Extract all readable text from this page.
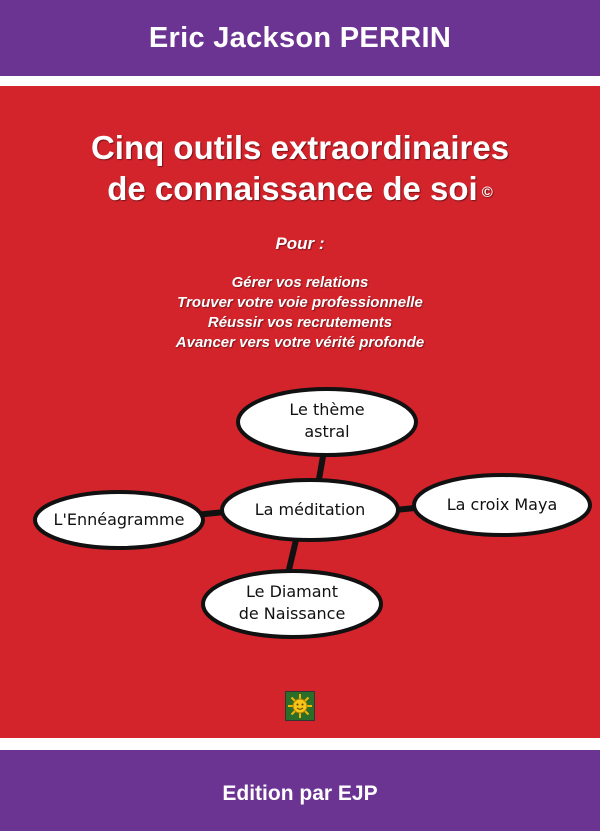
Eric Jackson PERRIN
Cinq outils extraordinaires
de connaissance de soi ©
Pour :
Gérer vos relations
Trouver votre voie professionnelle
Réussir vos recrutements
Avancer vers votre vérité profonde
Le thème
astral
L'Ennéagramme
La méditation	La croix Maya
Le Diamant
de Naissance
Edition par EJP
